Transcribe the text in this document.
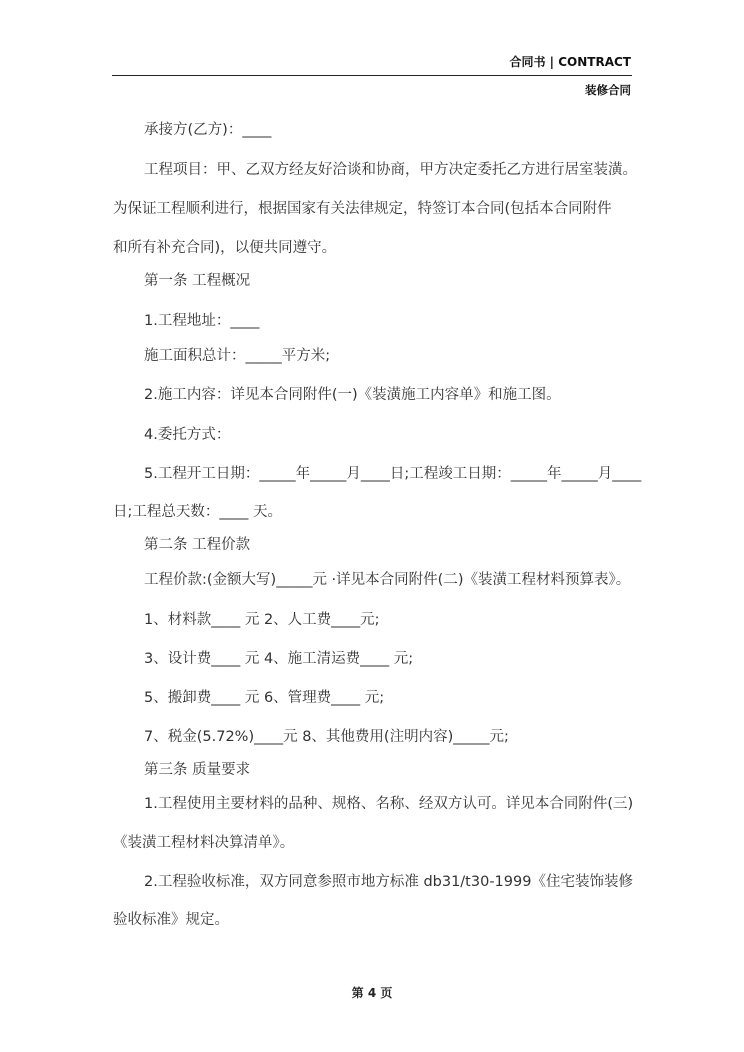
合同书 | CONTRACT
装修合同
承接方(乙方)：____
工程项目：甲、乙双方经友好洽谈和协商，甲方决定委托乙方进行居室装潢。
为保证工程顺利进行，根据国家有关法律规定，特签订本合同(包括本合同附件
和所有补充合同)，以便共同遵守。
第一条 工程概况
1.工程地址：____
施工面积总计：_____平方米;
2.施工内容：详见本合同附件(一)《装潢施工内容单》和施工图。
4.委托方式：
5.工程开工日期：_____年_____月____日;工程竣工日期：_____年_____月____
日;工程总天数：____ 天。
第二条 工程价款
工程价款:(金额大写)_____元 ·详见本合同附件(二)《装潢工程材料预算表》。
1、材料款____ 元 2、人工费____元;
3、设计费____ 元 4、施工清运费____ 元;
5、搬卸费____ 元 6、管理费____ 元;
7、税金(5.72%)____元 8、其他费用(注明内容)_____元;
第三条 质量要求
1.工程使用主要材料的品种、规格、名称、经双方认可。详见本合同附件(三)
《装潢工程材料决算清单》。
2.工程验收标准，双方同意参照市地方标准 db31/t30-1999《住宅装饰装修
验收标准》规定。
第 4 页
